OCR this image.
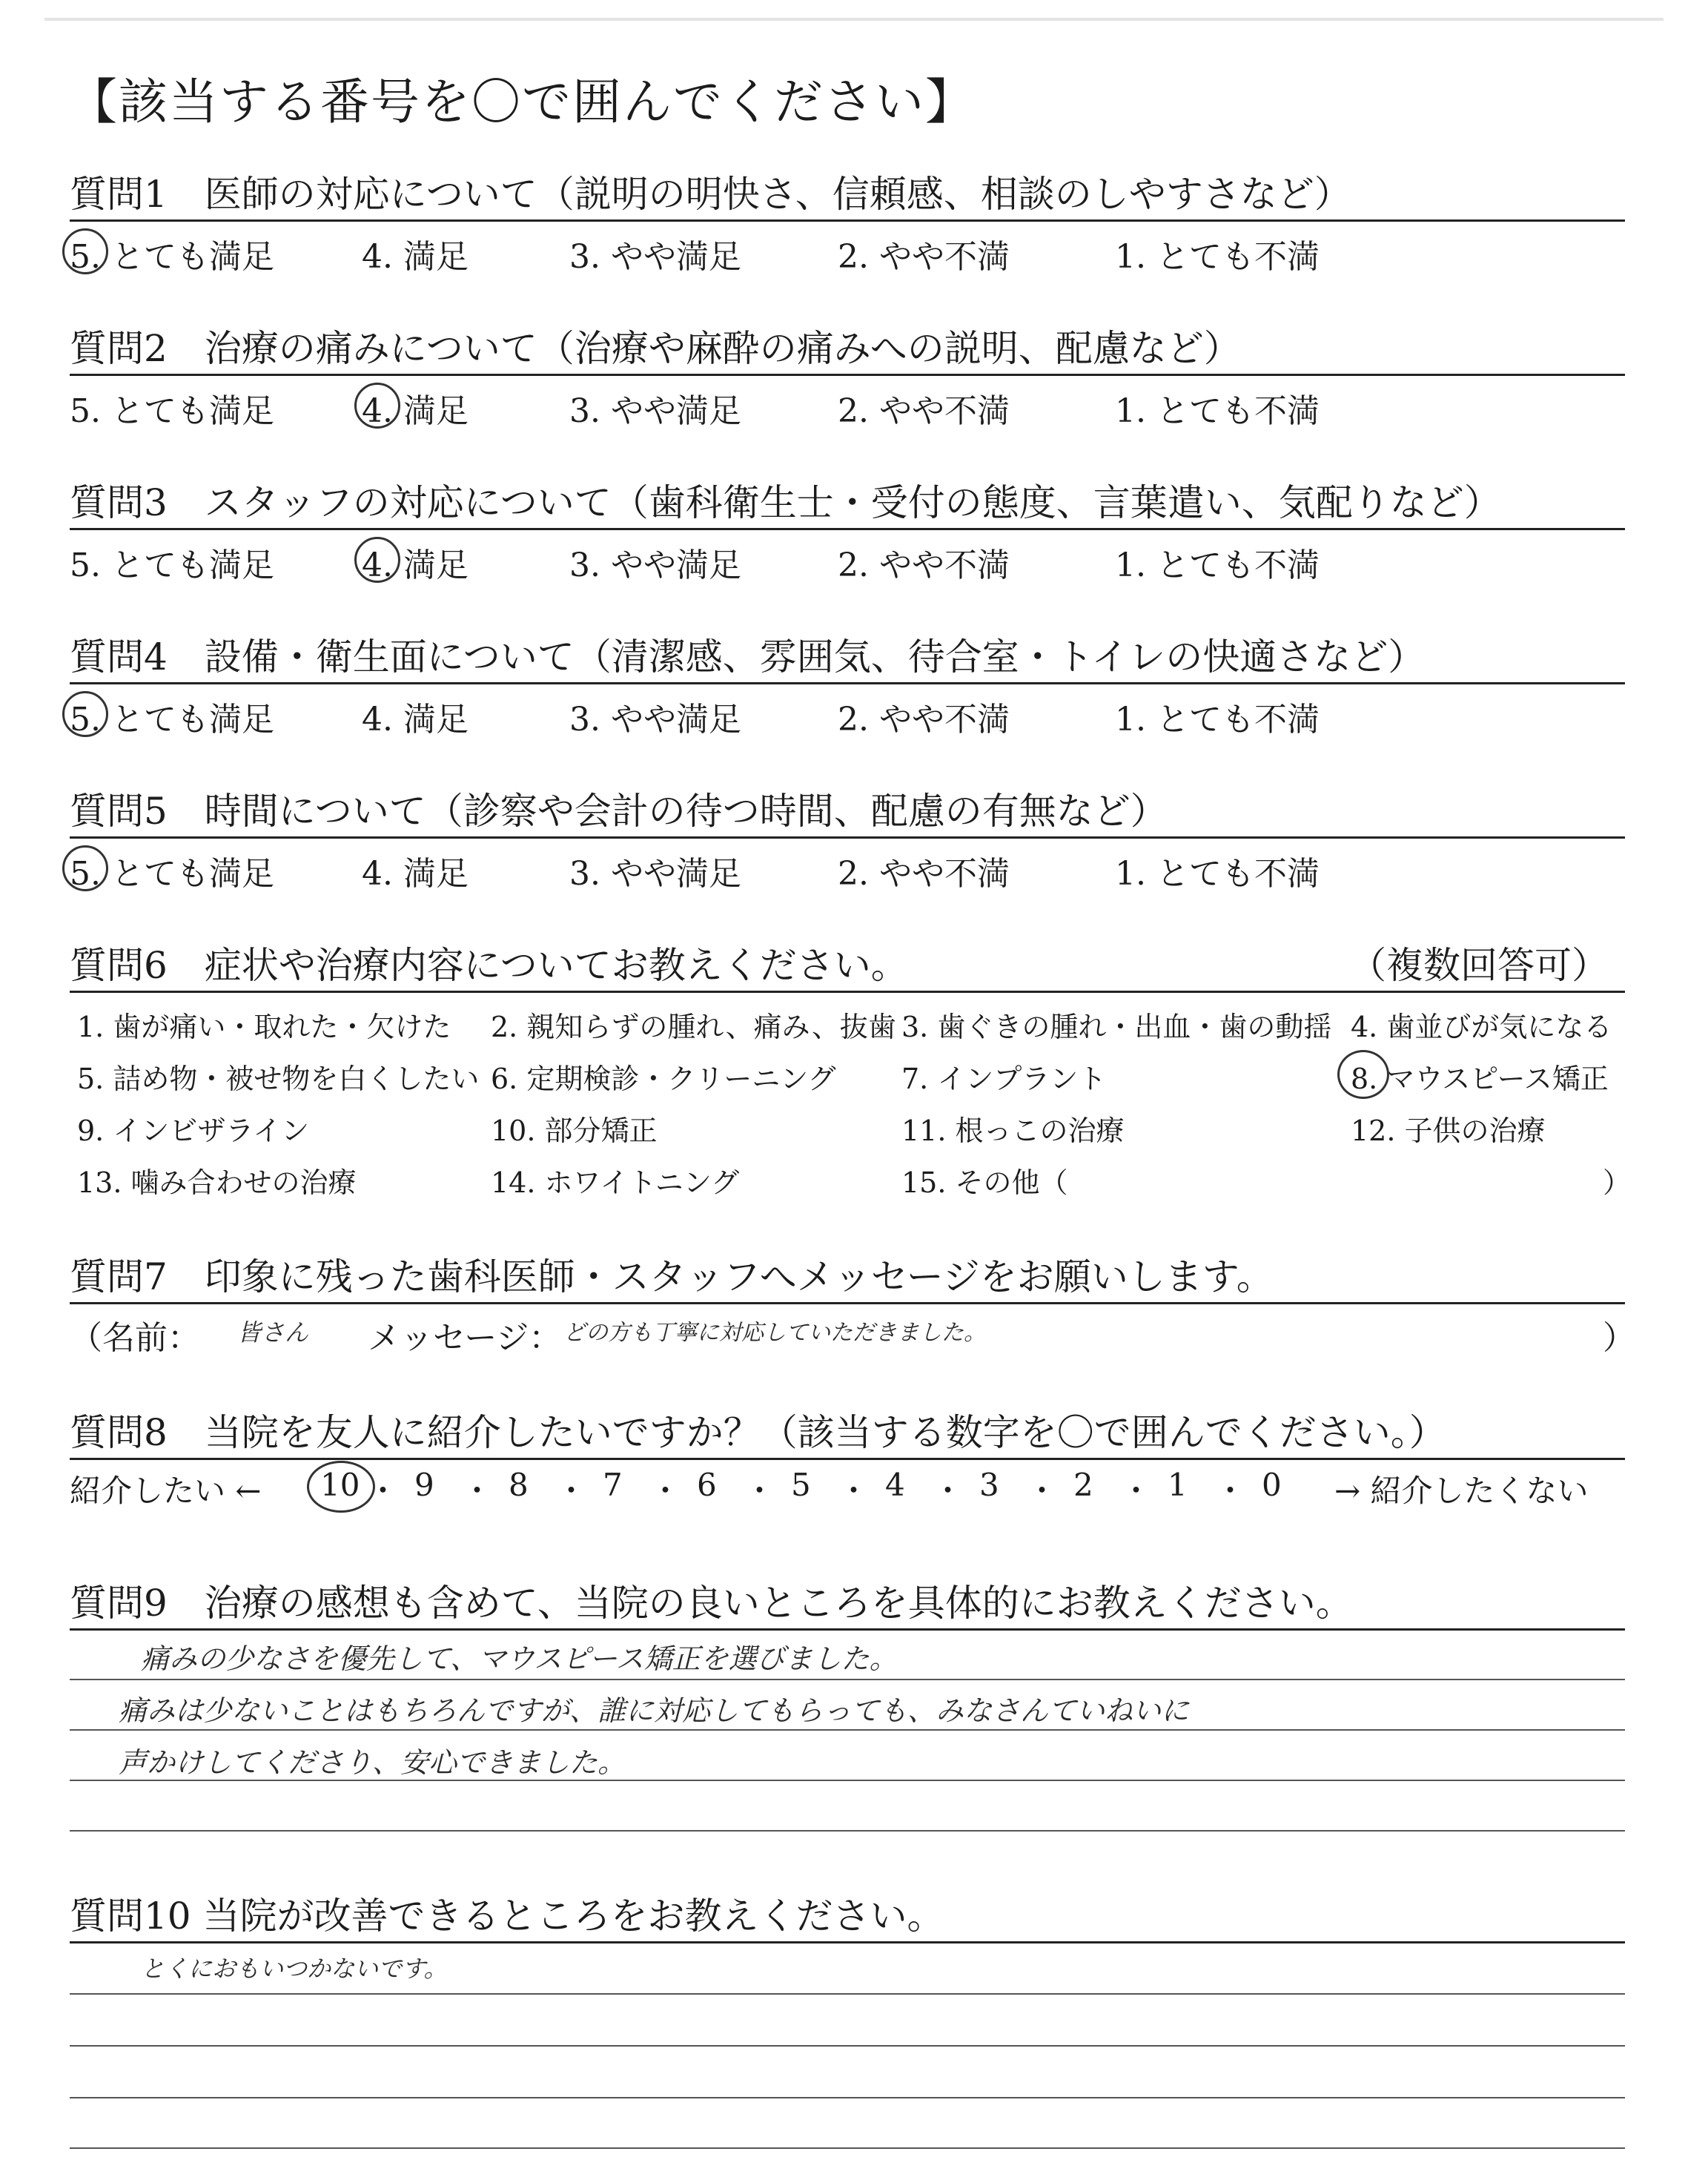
【該当する番号を〇で囲んでください】
質問1　医師の対応について（説明の明快さ、信頼感、相談のしやすさなど）
5. とても満足	4. 満足	3. やや満足	2. やや不満	1. とても不満
質問2　治療の痛みについて（治療や麻酔の痛みへの説明、配慮など）
5. とても満足	4. 満足	3. やや満足	2. やや不満	1. とても不満
質問3　スタッフの対応について（歯科衛生士・受付の態度、言葉遣い、気配りなど）
5. とても満足	4. 満足	3. やや満足	2. やや不満	1. とても不満
質問4　設備・衛生面について（清潔感、雰囲気、待合室・トイレの快適さなど）
5. とても満足	4. 満足	3. やや満足	2. やや不満	1. とても不満
質問5　時間について（診察や会計の待つ時間、配慮の有無など）
5. とても満足	4. 満足	3. やや満足	2. やや不満	1. とても不満
質問6　症状や治療内容についてお教えください。	（複数回答可）
1. 歯が痛い・取れた・欠けた 2. 親知らずの腫れ、痛み、抜歯 3. 歯ぐきの腫れ・出血・歯の動揺 4. 歯並びが気になる
5. 詰め物・被せ物を白くしたい 6. 定期検診・クリーニング 7. インプラント	8. マウスピース矯正
9. インビザライン	10. 部分矯正	11. 根っこの治療	12. 子供の治療
13. 噛み合わせの治療	14. ホワイトニング	15. その他（	）
質問7　印象に残った歯科医師・スタッフへメッセージをお願いします。
（名前： 皆さん メッセージ： どの方も丁寧に対応していただきました。	）
質問8　当院を友人に紹介したいですか？（該当する数字を〇で囲んでください。）
紹介したい ← 10 ・ 9 ・ 8 ・ 7 ・ 6 ・ 5 ・ 4 ・ 3 ・ 2 ・ 1 ・ 0 → 紹介したくない
質問9　治療の感想も含めて、当院の良いところを具体的にお教えください。
痛みの少なさを優先して、マウスピース矯正を選びました。
痛みは少ないことはもちろんですが、誰に対応してもらっても、みなさんていねいに
声かけしてくださり、安心できました。
質問10 当院が改善できるところをお教えください。
とくにおもいつかないです。
